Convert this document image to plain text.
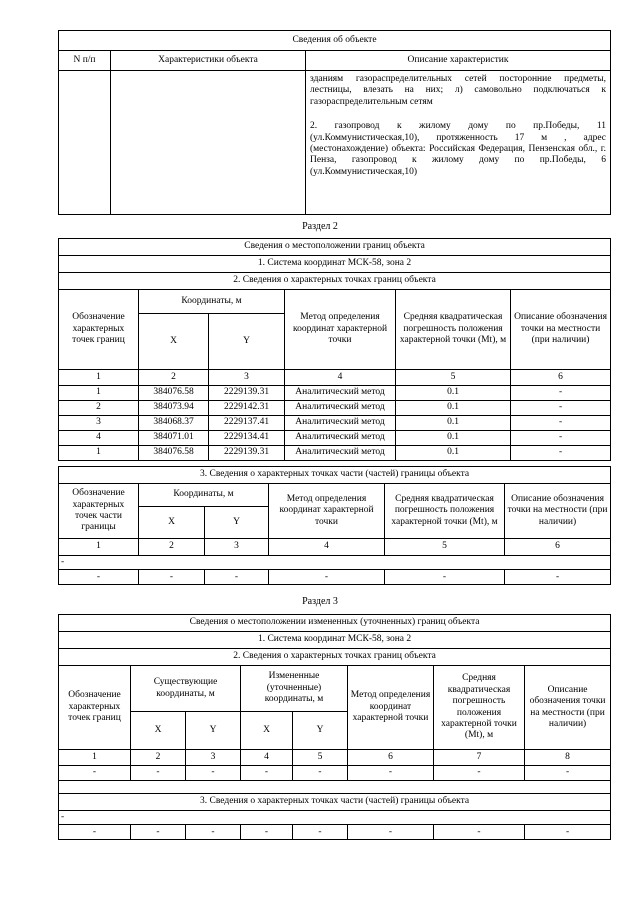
Сведения об объекте		
N п/п	Характеристики объекта	Описание характеристик

		зданиям газораспределительных сетей посторонние предметы, лестницы, влезать на них; л) самовольно подключаться к газораспределительным сетям

2. газопровод к жилому дому по пр.Победы, 11 (ул.Коммунистическая,10), протяженность 17 м , адрес (местонахождение) объекта: Российская Федерация, Пензенская обл., г. Пенза, газопровод к жилому дому по пр.Победы, 6 (ул.Коммунистическая,10)

Раздел 2
Сведения о местоположении границ объекта					
1. Система координат МСК-58, зона 2					
2. Сведения о характерных точках границ объекта					
Обозначение характерных точек границ	Координаты, м		Метод определения координат характерной точки	Средняя квадратическая погрешность положения характерной точки (Mt), м	Описание обозначения точки на местности (при наличии)
	X	Y			
1	2	3	4	5	6
1	384076.58	2229139.31	Аналитический метод	0.1	-
2	384073.94	2229142.31	Аналитический метод	0.1	-
3	384068.37	2229137.41	Аналитический метод	0.1	-
4	384071.01	2229134.41	Аналитический метод	0.1	-
1	384076.58	2229139.31	Аналитический метод	0.1	-
3. Сведения о характерных точках части (частей) границы объекта					
Обозначение характерных точек части границы	Координаты, м		Метод определения координат характерной точки	Средняя квадратическая погрешность положения характерной точки (Mt), м	Описание обозначения точки на местности (при наличии)
	X	Y			
1	2	3	4	5	6
-					
-	-	-	-	-	-
Раздел 3
Сведения о местоположении измененных (уточненных) границ объекта							
1. Система координат МСК-58, зона 2							
2. Сведения о характерных точках границ объекта							
Обозначение характерных точек границ	Существующие координаты, м		Измененные (уточненные) координаты, м		Метод определения координат характерной точки	Средняя квадратическая погрешность положения характерной точки (Mt), м	Описание обозначения точки на местности (при наличии)
	X	Y	X	Y			
1	2	3	4	5	6	7	8
-	-	-	-	-	-	-	-

3. Сведения о характерных точках части (частей) границы объекта							
-							
-	-	-	-	-	-	-	-
